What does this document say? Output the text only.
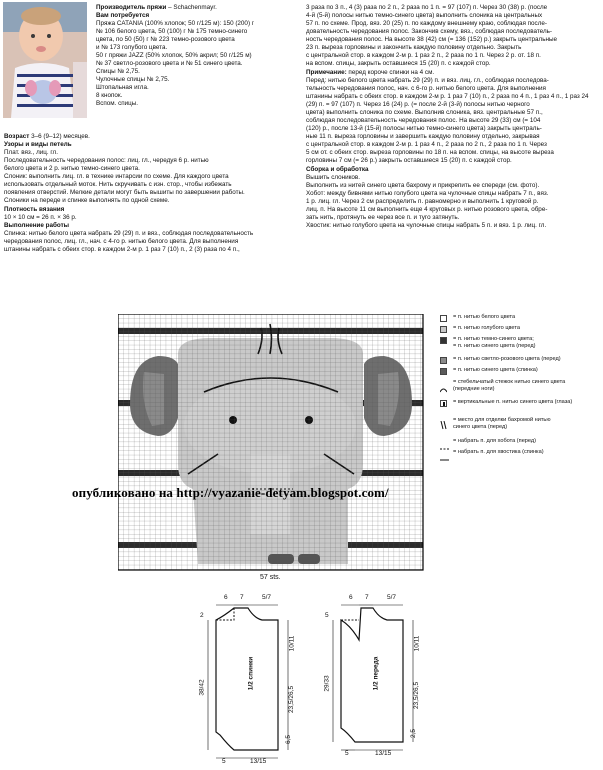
Производитель пряжи – Schachenmayr.
Вам потребуется
Пряжа CATANIA (100% хлопок; 50 г/125 м): 150 (200) г
№ 106 белого цвета, 50 (100) г № 175 темно-синего
цвета, по 50 (50) г № 223 темно-розового цвета
и № 173 голубого цвета.
50 г пряжи JAZZ (50% хлопок, 50% акрил; 50 г/125 м)
№ 37 светло-розового цвета и № 51 синего цвета.
Спицы № 2,75.
Чулочные спицы № 2,75.
Штопальная игла.
8 кнопок.
Вспом. спицы.

Возраст 3–6 (9–12) месяцев.
Узоры и виды петель
Плат. вяз., лиц. гл.
Последовательность чередования полос: лиц. гл., чередуя 6 р. нитью
белого цвета и 2 р. нитью темно-синего цвета.
Слоник: выполнить лиц. гл. в технике интарсии по схеме. Для каждого цвета
использовать отдельный моток. Нить скручивать с изн. стор., чтобы избежать
появления отверстий. Мелкие детали могут быть вышиты по завершении работы.
Слоники на переде и спинке выполнять по одной схеме.
Плотность вязания
10 × 10 см = 26 п. × 36 р.
Выполнение работы
Спинка: нитью белого цвета набрать 29 (29) п. и вяз., соблюдая последовательность
чередования полос, лиц. гл., нач. с 4-го р. нитью белого цвета. Для выполнения
штанины набрать с обеих стор. в каждом 2-м р. 1 раз 7 (10) п., 2 (3) раза по 4 п.,
3 раза по 3 п., 4 (3) раза по 2 п., 2 раза по 1 п. = 97 (107) п. Через 30 (38) р. (после
4-й (5-й) полосы нитью темно-синего цвета) выполнить слоника на центральных
57 п. по схеме. Прод. вяз. 20 (25) п. по каждому внешнему краю, соблюдая после-
довательность чередования полос. Закончив схему, вяз., соблюдая последователь-
ность чередования полос. На высоте 38 (42) см (= 136 (152) р.) закрыть центральные
23 п. выреза горловины и закончить каждую половину отдельно. Закрыть
с центральной стор. в каждом 2-м р. 1 раз 2 п., 2 раза по 1 п. Через 2 р. от. 18 п.
на вспом. спицы, закрыть оставшиеся 15 (20) п. с каждой стор.
Примечание: перед короче спинки на 4 см.
Перед: нитью белого цвета набрать 29 (29) п. и вяз. лиц. гл., соблюдая последова-
тельность чередования полос, нач. с 6-го р. нитью белого цвета. Для выполнения
штанины набрать с обеих стор. в каждом 2-м р. 1 раз 7 (10) п., 2 раза по 4 п., 1 раз 4 п., 1 раз 24
(29) п. = 97 (107) п. Через 16 (24) р. (= после 2-й (3-й) полосы нитью черного
цвета) выполнить слоника по схеме. Выполнив слоника, вяз. центральные 57 п.,
соблюдая последовательность чередования полос. На высоте 29 (33) см (= 104
(120) р., после 13-й (15-й) полосы нитью темно-синего цвета) закрыть централь-
ные 11 п. выреза горловины и завершить каждую половину отдельно, закрывая
с центральной стор. в каждом 2-м р. 1 раз 4 п., 2 раза по 2 п., 2 раза по 1 п. Через
5 см от. с обеих стор. выреза горловины по 18 п. на вспом. спицы, на высоте выреза
горловины 7 см (= 26 р.) закрыть оставшиеся 15 (20) п. с каждой стор.
Сборка и обработка
Вышить слоников.
Выполнить из нитей синего цвета бахрому и прикрепить ее спереди (см. фото).
Хобот: между бивнями нитью голубого цвета на чулочные спицы набрать 7 п., вяз.
1 р. лиц. гл. Через 2 см распределить п. равномерно и выполнить 1 круговой р.
лиц. п. На высоте 11 см выполнить еще 4 круговых р. нитью розового цвета, обре-
зать нить, протянуть ее через все п. и туго затянуть.
Хвостик: нитью голубого цвета на чулочные спицы набрать 5 п. и вяз. 1 р. лиц. гл.
57 sts.
= п. нитью белого цвета
= п. нитью голубого цвета
= п. нитью темно-синего цвета;
= п. нитью синего цвета (перед)
= п. нитью светло-розового цвета (перед)
= п. нитью синего цвета (спинка)
= стебельчатый стежок нитью синего цвета
(передние ноги)
= вертикальные п. нитью синего цвета (глаза)
= место для отделки бахромой нитью
синего цвета (перед)
= набрать п. для хобота (перед)
= набрать п. для хвостика (спинка)
опубликовано на http://vyazanie-detyam.blogspot.com/
6 7	5/7
2
38/42
10/11
23,5/26,5
6,5
5	13/15
1/2 спинки
6 7	5/7
5
29/33
10/11
23,5/26,5
2,5
5	13/15
1/2 переда
